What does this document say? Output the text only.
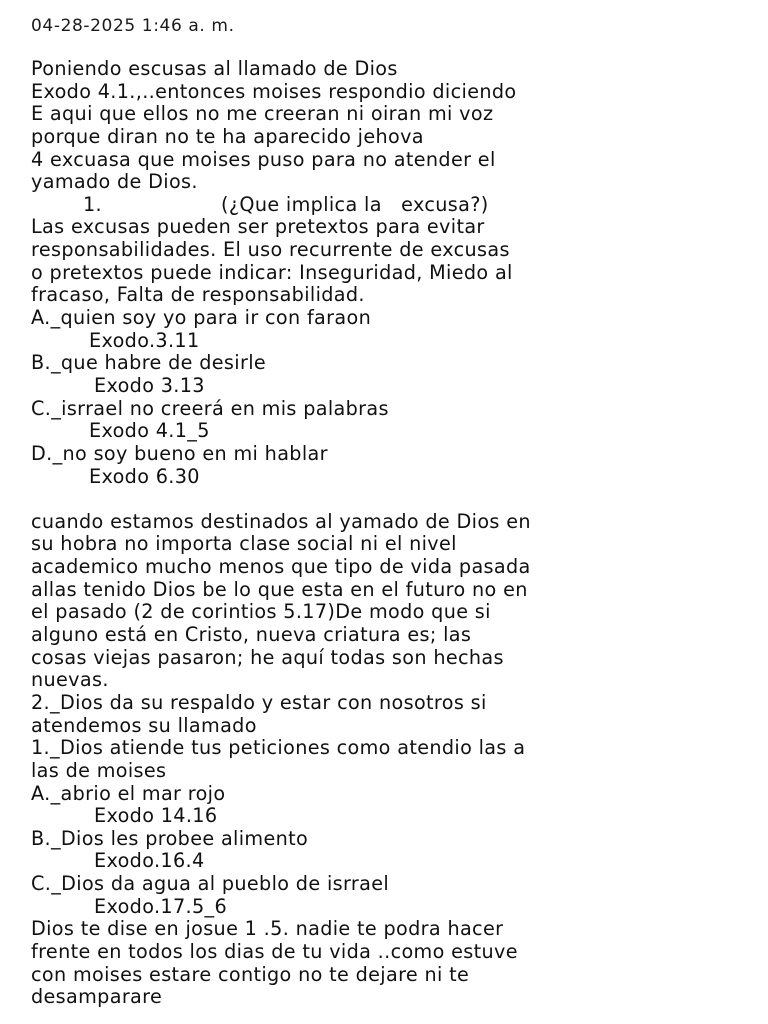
04-28-2025 1:46 a. m.
Poniendo escusas al llamado de Dios
Exodo 4.1.,..entonces moises respondio diciendo
E aqui que ellos no me creeran ni oiran mi voz
porque diran no te ha aparecido jehova
4 excuasa que moises puso para no atender el
yamado de Dios.
1.	(¿Que implica la   excusa?)
Las excusas pueden ser pretextos para evitar
responsabilidades. El uso recurrente de excusas
o pretextos puede indicar: Inseguridad, Miedo al
fracaso, Falta de responsabilidad.
A._quien soy yo para ir con faraon
Exodo.3.11
B._que habre de desirle
Exodo 3.13
C._isrrael no creerá en mis palabras
Exodo 4.1_5
D._no soy bueno en mi hablar
Exodo 6.30
cuando estamos destinados al yamado de Dios en
su hobra no importa clase social ni el nivel
academico mucho menos que tipo de vida pasada
allas tenido Dios be lo que esta en el futuro no en
el pasado (2 de corintios 5.17)De modo que si
alguno está en Cristo, nueva criatura es; las
cosas viejas pasaron; he aquí todas son hechas
nuevas.
2._Dios da su respaldo y estar con nosotros si
atendemos su llamado
1._Dios atiende tus peticiones como atendio las a
las de moises
A._abrio el mar rojo
Exodo 14.16
B._Dios les probee alimento
Exodo.16.4
C._Dios da agua al pueblo de isrrael
Exodo.17.5_6
Dios te dise en josue 1 .5. nadie te podra hacer
frente en todos los dias de tu vida ..como estuve
con moises estare contigo no te dejare ni te
desamparare
